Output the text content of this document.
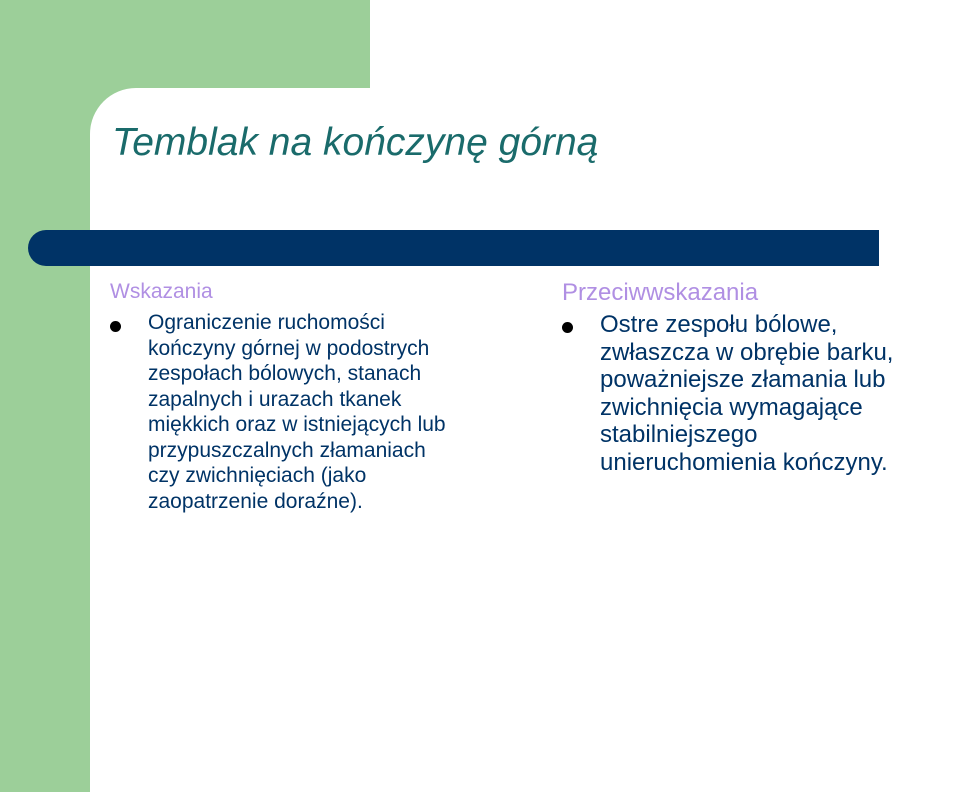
Temblak na kończynę górną

Wskazania

Ograniczenie ruchomości
kończyny górnej w podostrych
zespołach bólowych, stanach
zapalnych i urazach tkanek
miękkich oraz w istniejących lub
przypuszczalnych złamaniach
czy zwichnięciach (jako
zaopatrzenie doraźne).

Przeciwwskazania

Ostre zespołu bólowe,
zwłaszcza w obrębie barku,
poważniejsze złamania lub
zwichnięcia wymagające
stabilniejszego
unieruchomienia kończyny.
